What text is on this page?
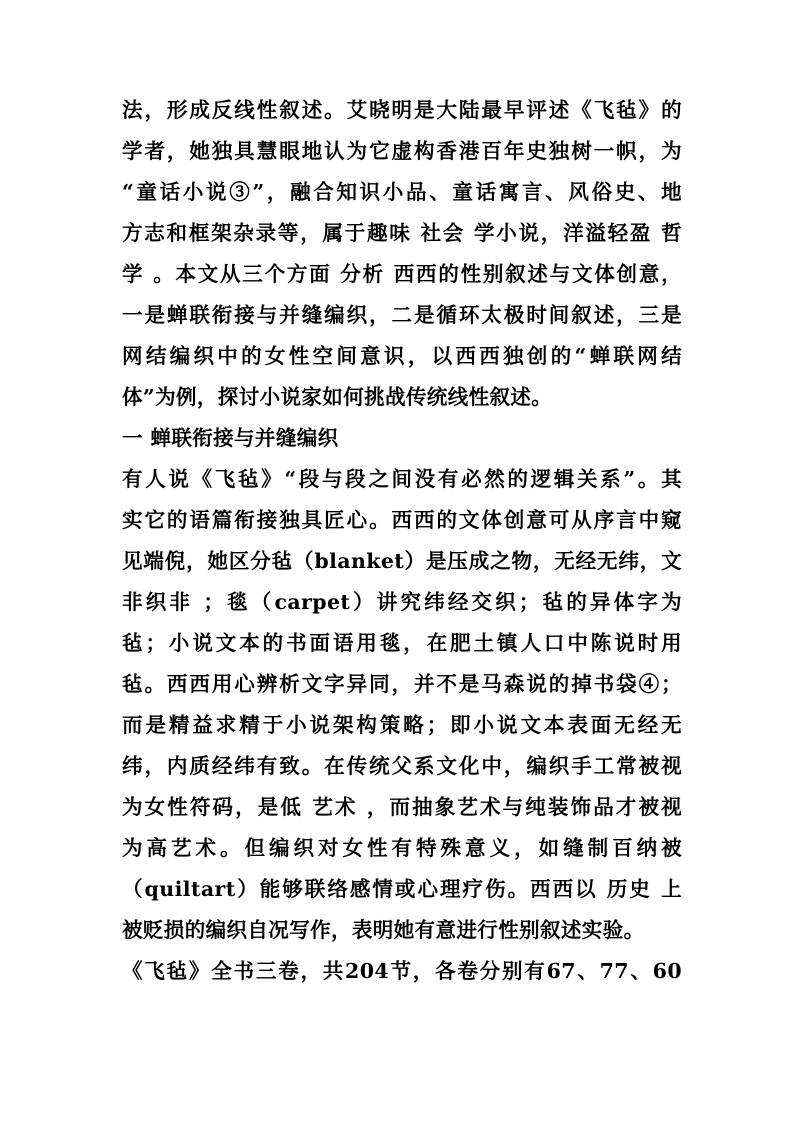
法，形成反线性叙述。艾晓明是大陆最早评述《飞毡》的
学者，她独具慧眼地认为它虚构香港百年史独树一帜，为
“童话小说③”，融合知识小品、童话寓言、风俗史、地
方志和框架杂录等，属于趣味 社会 学小说，洋溢轻盈 哲
学 。本文从三个方面 分析 西西的性别叙述与文体创意，
一是蝉联衔接与并缝编织，二是循环太极时间叙述，三是
网结编织中的女性空间意识，以西西独创的“蝉联网结
体”为例，探讨小说家如何挑战传统线性叙述。
一 蝉联衔接与并缝编织
有人说《飞毡》“段与段之间没有必然的逻辑关系”。其
实它的语篇衔接独具匠心。西西的文体创意可从序言中窥
见端倪，她区分毡（blanket）是压成之物，无经无纬，文
非织非 ；毯（carpet）讲究纬经交织；毡的异体字为
毡；小说文本的书面语用毯，在肥土镇人口中陈说时用
毡。西西用心辨析文字异同，并不是马森说的掉书袋④；
而是精益求精于小说架构策略；即小说文本表面无经无
纬，内质经纬有致。在传统父系文化中，编织手工常被视
为女性符码，是低 艺术 ，而抽象艺术与纯装饰品才被视
为高艺术。但编织对女性有特殊意义，如缝制百纳被
（quiltart）能够联络感情或心理疗伤。西西以 历史 上
被贬损的编织自况写作，表明她有意进行性别叙述实验。
《飞毡》全书三卷，共204节，各卷分别有67、77、60
